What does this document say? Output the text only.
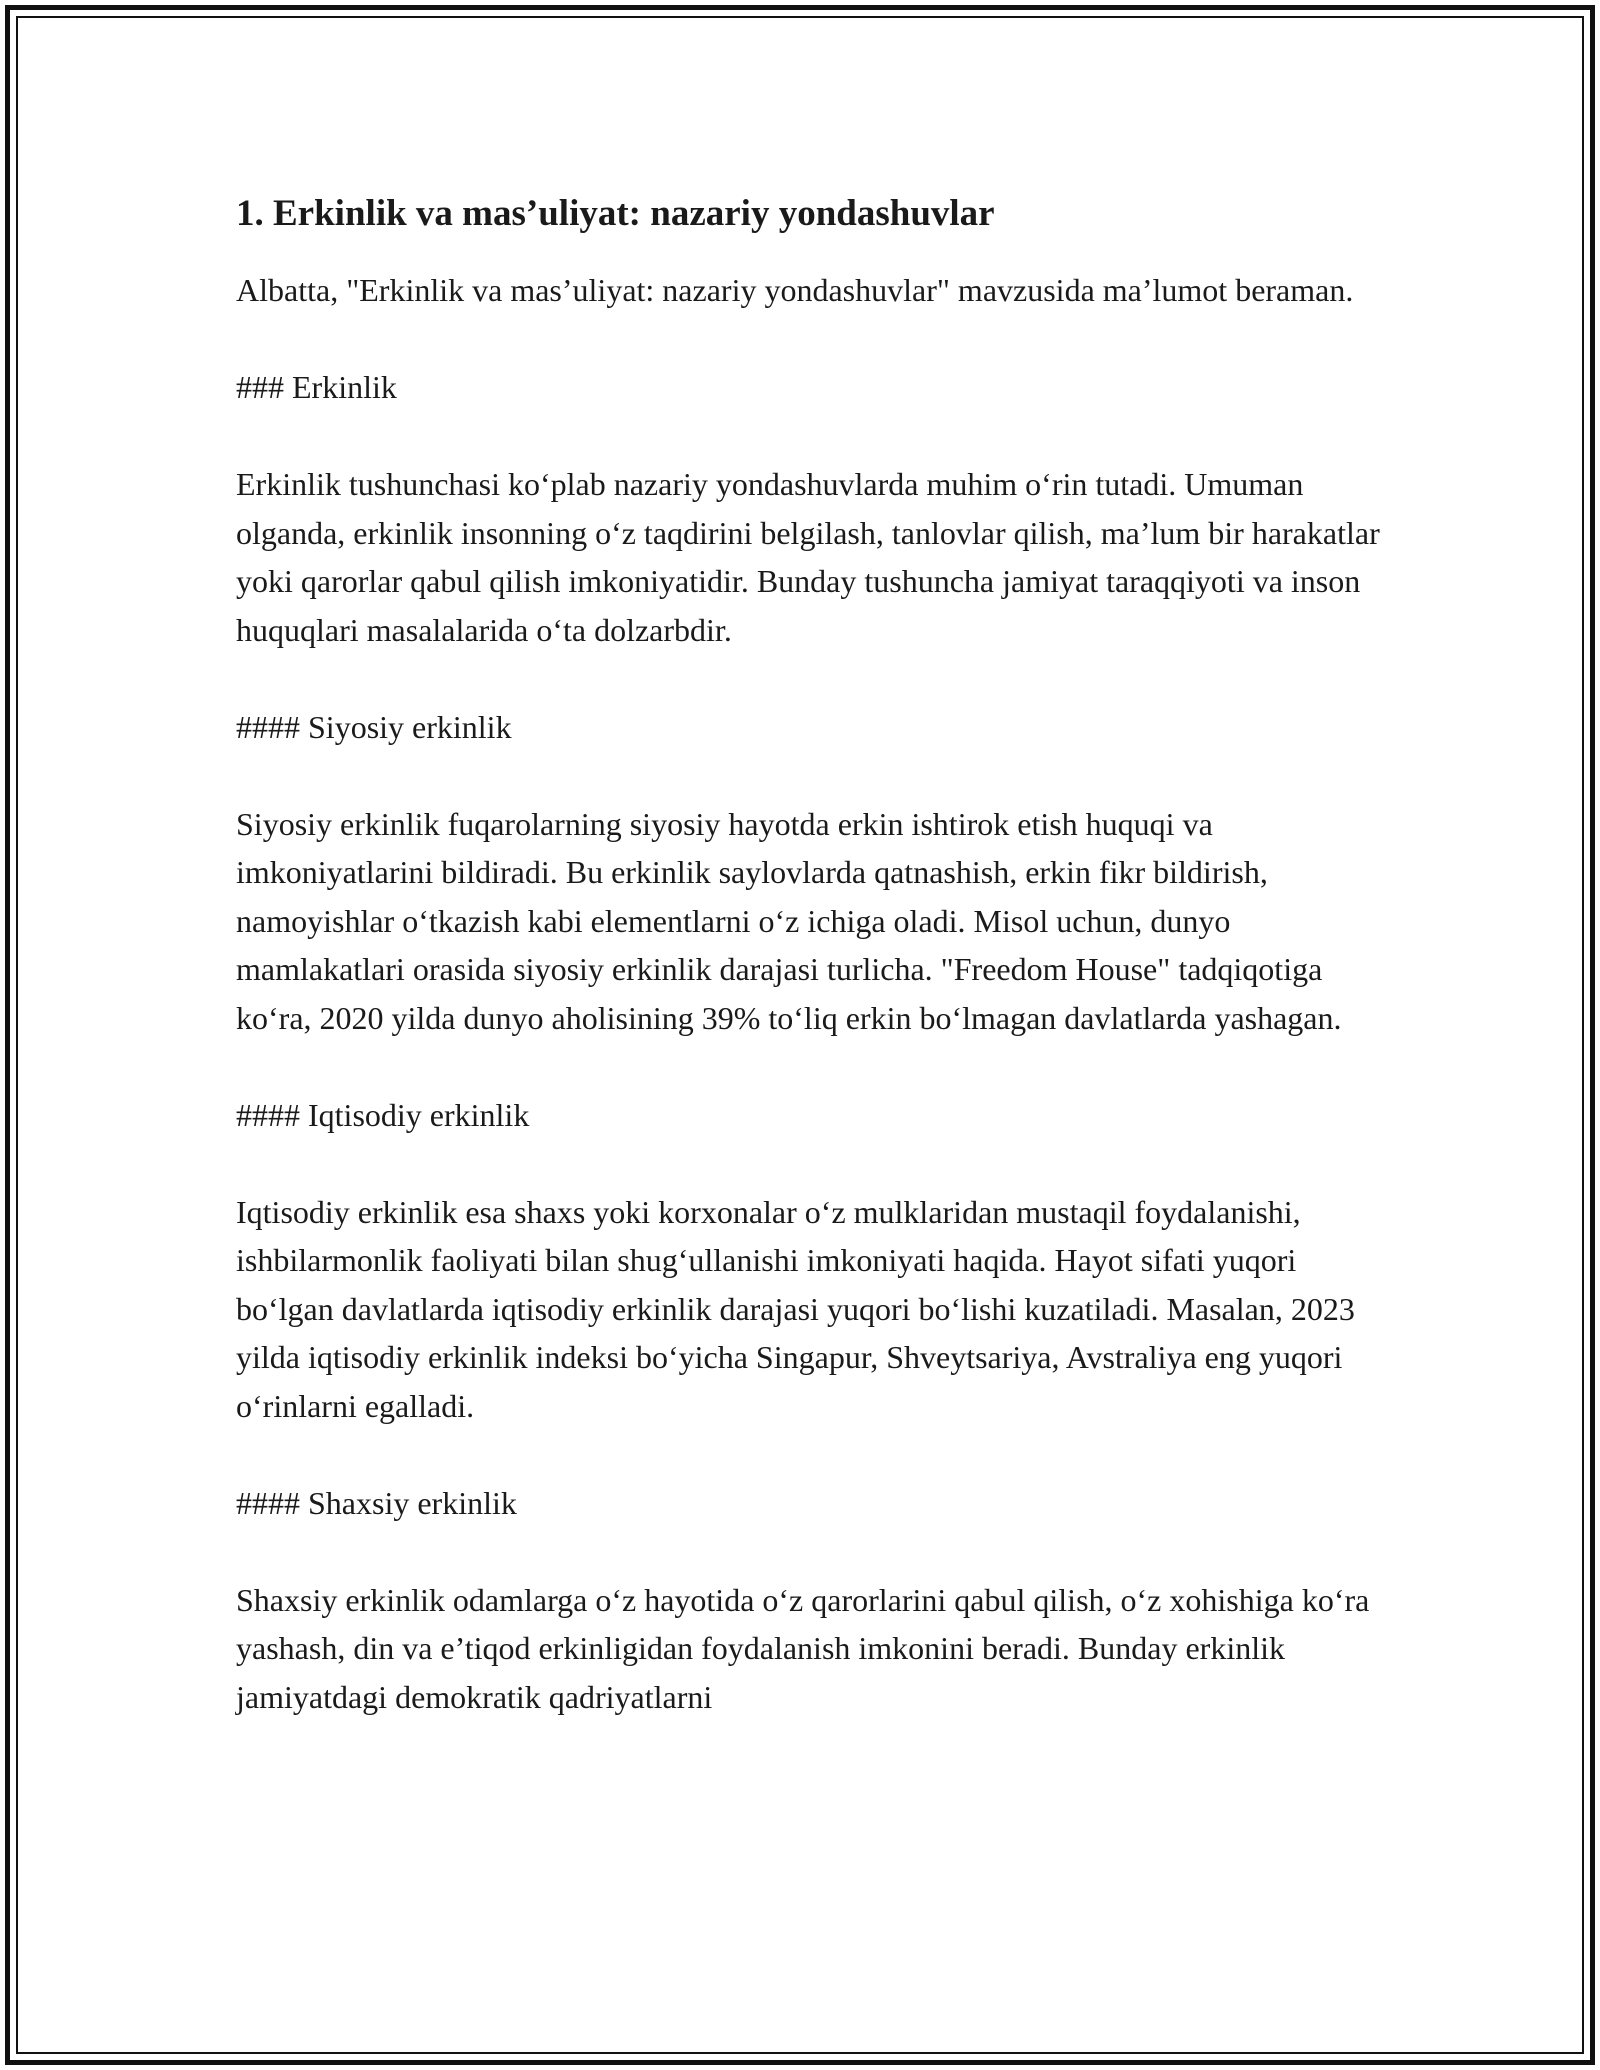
1. Erkinlik va mas’uliyat: nazariy yondashuvlar

Albatta, "Erkinlik va mas’uliyat: nazariy yondashuvlar" mavzusida ma’lumot beraman.

### Erkinlik

Erkinlik tushunchasi ko‘plab nazariy yondashuvlarda muhim o‘rin tutadi. Umuman olganda, erkinlik insonning o‘z taqdirini belgilash, tanlovlar qilish, ma’lum bir harakatlar yoki qarorlar qabul qilish imkoniyatidir. Bunday tushuncha jamiyat taraqqiyoti va inson huquqlari masalalarida o‘ta dolzarbdir.

#### Siyosiy erkinlik

Siyosiy erkinlik fuqarolarning siyosiy hayotda erkin ishtirok etish huquqi va imkoniyatlarini bildiradi. Bu erkinlik saylovlarda qatnashish, erkin fikr bildirish, namoyishlar o‘tkazish kabi elementlarni o‘z ichiga oladi. Misol uchun, dunyo mamlakatlari orasida siyosiy erkinlik darajasi turlicha. "Freedom House" tadqiqotiga ko‘ra, 2020 yilda dunyo aholisining 39% to‘liq erkin bo‘lmagan davlatlarda yashagan.

#### Iqtisodiy erkinlik

Iqtisodiy erkinlik esa shaxs yoki korxonalar o‘z mulklaridan mustaqil foydalanishi, ishbilarmonlik faoliyati bilan shug‘ullanishi imkoniyati haqida. Hayot sifati yuqori bo‘lgan davlatlarda iqtisodiy erkinlik darajasi yuqori bo‘lishi kuzatiladi. Masalan, 2023 yilda iqtisodiy erkinlik indeksi bo‘yicha Singapur, Shveytsariya, Avstraliya eng yuqori o‘rinlarni egalladi.

#### Shaxsiy erkinlik

Shaxsiy erkinlik odamlarga o‘z hayotida o‘z qarorlarini qabul qilish, o‘z xohishiga ko‘ra yashash, din va e’tiqod erkinligidan foydalanish imkonini beradi. Bunday erkinlik jamiyatdagi demokratik qadriyatlarni
